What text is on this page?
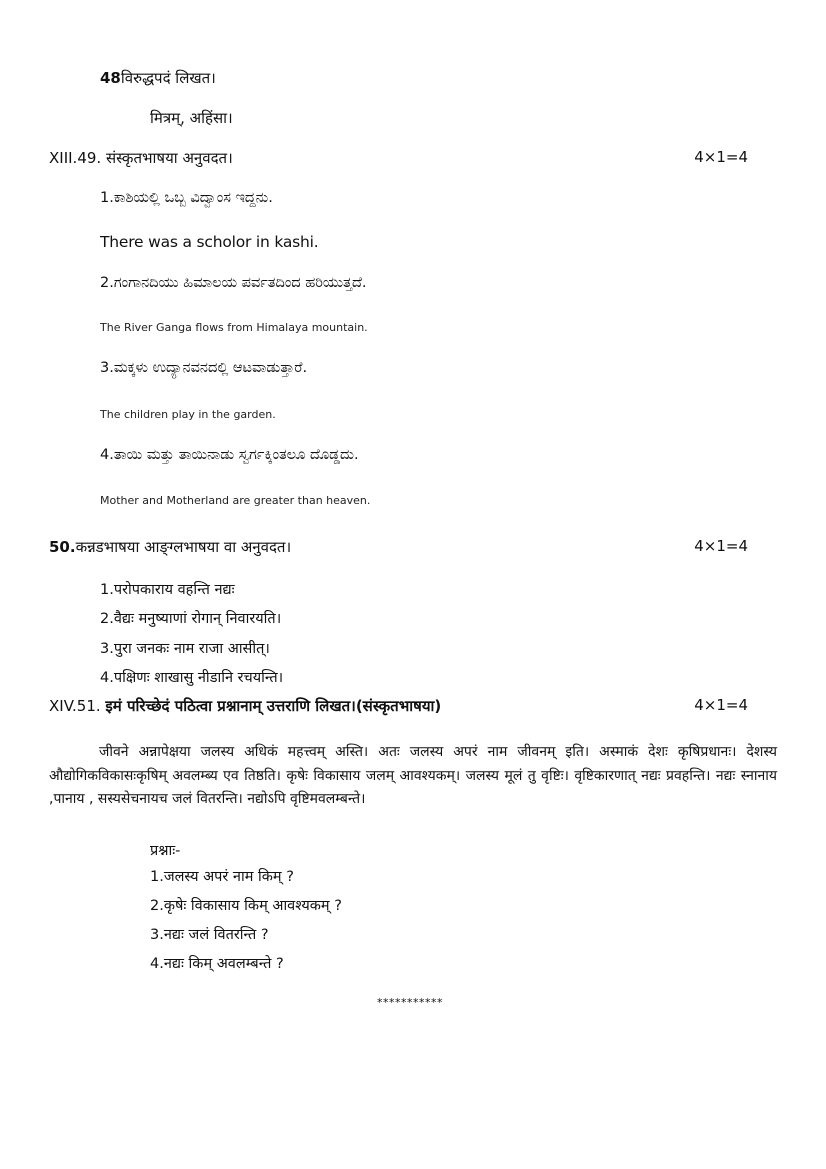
48विरुद्धपदं लिखत।
मित्रम्, अहिंसा।
XIII.49. संस्कृतभाषया अनुवदत।	4×1=4
1.ಕಾಶಿಯಲ್ಲಿ ಒಬ್ಬ ವಿದ್ವಾಂಸ ಇದ್ದನು.
There was a scholor in kashi.
2.ಗಂಗಾನದಿಯು ಹಿಮಾಲಯ ಪರ್ವತದಿಂದ ಹರಿಯುತ್ತದೆ.
The River Ganga flows from Himalaya mountain.
3.ಮಕ್ಕಳು ಉದ್ಯಾನವನದಲ್ಲಿ ಆಟವಾಡುತ್ತಾರೆ.
The children play in the garden.
4.ತಾಯಿ ಮತ್ತು ತಾಯಿನಾಡು ಸ್ವರ್ಗಕ್ಕಿಂತಲೂ ದೊಡ್ಡದು.
Mother and Motherland are greater than heaven.
50.कन्नडभाषया आङ्ग्लभाषया वा अनुवदत।	4×1=4
1.परोपकाराय वहन्ति नद्यः
2.वैद्यः मनुष्याणां रोगान् निवारयति।
3.पुरा जनकः नाम राजा आसीत्।
4.पक्षिणः शाखासु नीडानि रचयन्ति।
XIV.51. इमं परिच्छेदं पठित्वा प्रश्नानाम् उत्तराणि लिखत।(संस्कृतभाषया)	4×1=4
जीवने अन्नापेक्षया जलस्य अधिकं महत्त्वम् अस्ति। अतः जलस्य अपरं नाम जीवनम् इति। अस्माकं देशः कृषिप्रधानः। देशस्य औद्योगिकविकासःकृषिम् अवलम्ब्य एव तिष्ठति। कृषेः विकासाय जलम् आवश्यकम्। जलस्य मूलं तु वृष्टिः। वृष्टिकारणात् नद्यः प्रवहन्ति। नद्यः स्नानाय ,पानाय , सस्यसेचनायच जलं वितरन्ति। नद्योऽपि वृष्टिमवलम्बन्ते।
प्रश्नाः-
1.जलस्य अपरं नाम किम् ?
2.कृषेः विकासाय किम् आवश्यकम् ?
3.नद्यः जलं वितरन्ति ?
4.नद्यः किम् अवलम्बन्ते ?
***********
